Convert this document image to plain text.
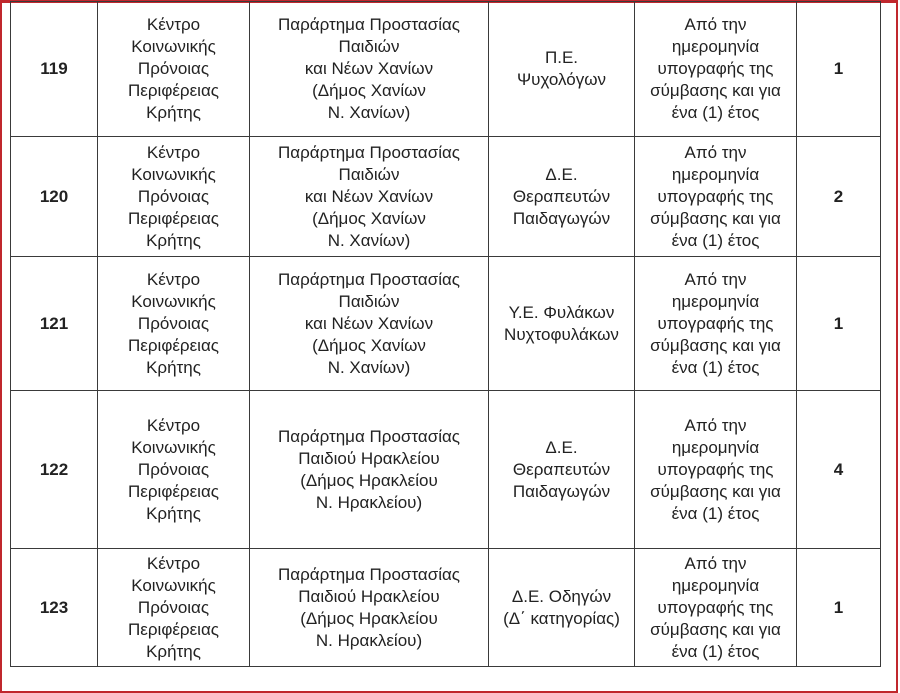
119	Κέντρο
Κοινωνικής
Πρόνοιας
Περιφέρειας
Κρήτης	Παράρτημα Προστασίας
Παιδιών
και Νέων Χανίων
(Δήμος Χανίων
Ν. Χανίων)	Π.Ε.
Ψυχολόγων	Από την
ημερομηνία
υπογραφής της
σύμβασης και για
ένα (1) έτος	1
120	Κέντρο
Κοινωνικής
Πρόνοιας
Περιφέρειας
Κρήτης	Παράρτημα Προστασίας
Παιδιών
και Νέων Χανίων
(Δήμος Χανίων
Ν. Χανίων)	Δ.Ε.
Θεραπευτών
Παιδαγωγών	Από την
ημερομηνία
υπογραφής της
σύμβασης και για
ένα (1) έτος	2
121	Κέντρο
Κοινωνικής
Πρόνοιας
Περιφέρειας
Κρήτης	Παράρτημα Προστασίας
Παιδιών
και Νέων Χανίων
(Δήμος Χανίων
Ν. Χανίων)	Υ.Ε. Φυλάκων
Νυχτοφυλάκων	Από την
ημερομηνία
υπογραφής της
σύμβασης και για
ένα (1) έτος	1
122	Κέντρο
Κοινωνικής
Πρόνοιας
Περιφέρειας
Κρήτης	Παράρτημα Προστασίας
Παιδιού Ηρακλείου
(Δήμος Ηρακλείου
Ν. Ηρακλείου)	Δ.Ε.
Θεραπευτών
Παιδαγωγών	Από την
ημερομηνία
υπογραφής της
σύμβασης και για
ένα (1) έτος	4
123	Κέντρο
Κοινωνικής
Πρόνοιας
Περιφέρειας
Κρήτης	Παράρτημα Προστασίας
Παιδιού Ηρακλείου
(Δήμος Ηρακλείου
Ν. Ηρακλείου)	Δ.Ε. Οδηγών
(Δ΄ κατηγορίας)	Από την
ημερομηνία
υπογραφής της
σύμβασης και για
ένα (1) έτος	1
